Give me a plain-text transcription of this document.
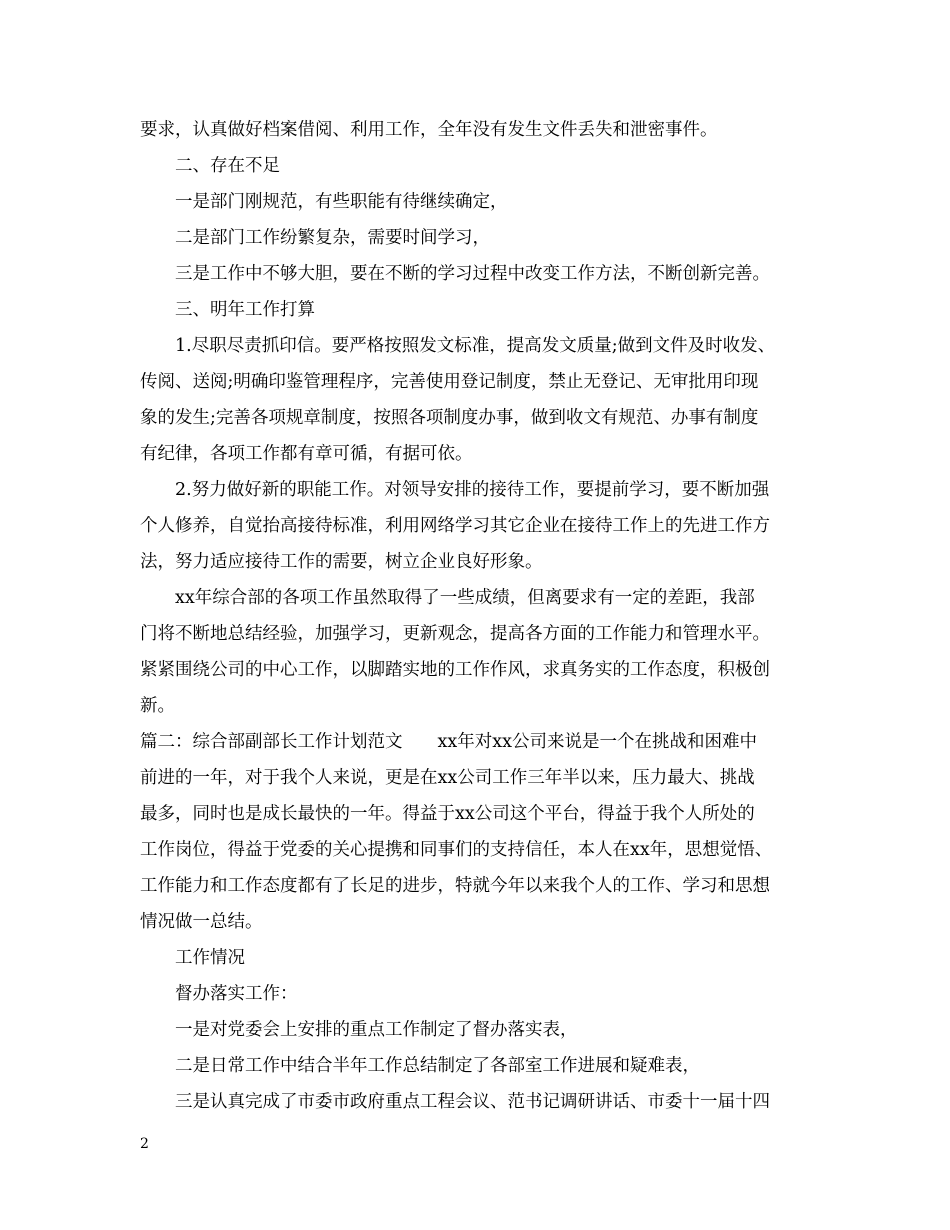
要求，认真做好档案借阅、利用工作，全年没有发生文件丢失和泄密事件。
二、存在不足
一是部门刚规范，有些职能有待继续确定，
二是部门工作纷繁复杂，需要时间学习，
三是工作中不够大胆，要在不断的学习过程中改变工作方法，不断创新完善。
三、明年工作打算
1.尽职尽责抓印信。要严格按照发文标准，提高发文质量;做到文件及时收发、
传阅、送阅;明确印鉴管理程序，完善使用登记制度，禁止无登记、无审批用印现
象的发生;完善各项规章制度，按照各项制度办事，做到收文有规范、办事有制度
有纪律，各项工作都有章可循，有据可依。
2.努力做好新的职能工作。对领导安排的接待工作，要提前学习，要不断加强
个人修养，自觉抬高接待标准，利用网络学习其它企业在接待工作上的先进工作方
法，努力适应接待工作的需要，树立企业良好形象。
xx年综合部的各项工作虽然取得了一些成绩，但离要求有一定的差距，我部
门将不断地总结经验，加强学习，更新观念，提高各方面的工作能力和管理水平。
紧紧围绕公司的中心工作，以脚踏实地的工作作风，求真务实的工作态度，积极创
新。
篇二：综合部副部长工作计划范文　　xx年对xx公司来说是一个在挑战和困难中
前进的一年，对于我个人来说，更是在xx公司工作三年半以来，压力最大、挑战
最多，同时也是成长最快的一年。得益于xx公司这个平台，得益于我个人所处的
工作岗位，得益于党委的关心提携和同事们的支持信任，本人在xx年，思想觉悟、
工作能力和工作态度都有了长足的进步，特就今年以来我个人的工作、学习和思想
情况做一总结。
工作情况
督办落实工作：
一是对党委会上安排的重点工作制定了督办落实表，
二是日常工作中结合半年工作总结制定了各部室工作进展和疑难表，
三是认真完成了市委市政府重点工程会议、范书记调研讲话、市委十一届十四
2
